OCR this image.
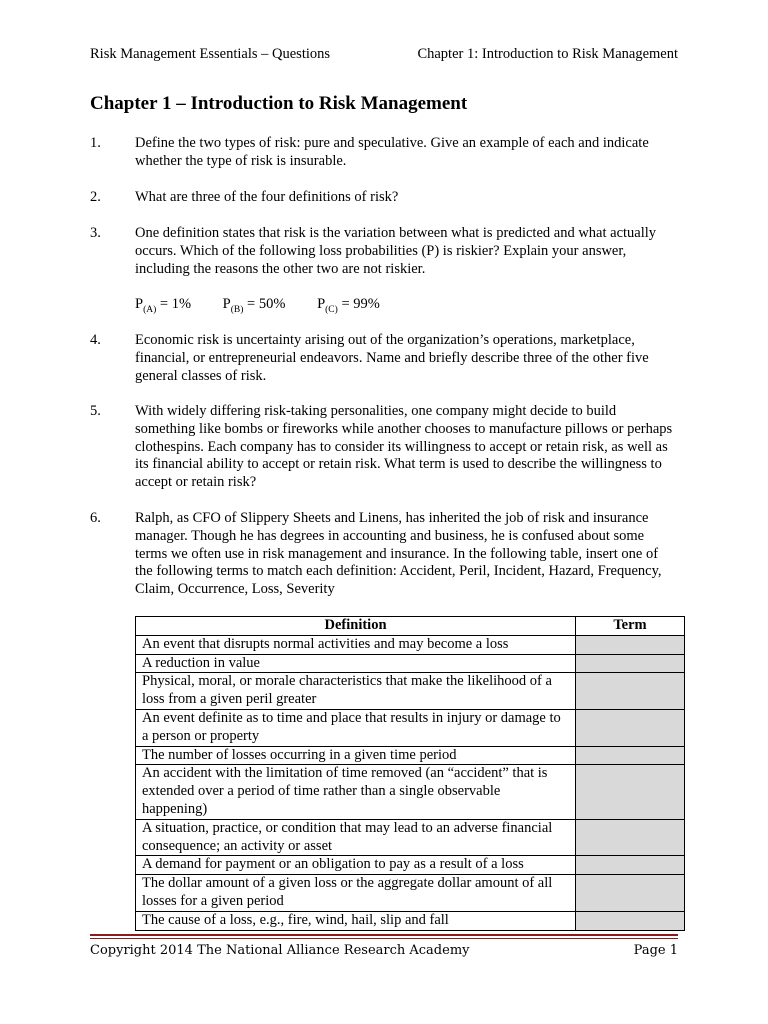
Risk Management Essentials – Questions	Chapter 1: Introduction to Risk Management
Chapter 1 – Introduction to Risk Management
1. Define the two types of risk: pure and speculative. Give an example of each and indicate whether the type of risk is insurable.
2. What are three of the four definitions of risk?
3. One definition states that risk is the variation between what is predicted and what actually occurs. Which of the following loss probabilities (P) is riskier? Explain your answer, including the reasons the other two are not riskier.
$P_{(A)} = 1\%$ $P_{(B)} = 50\%$ $P_{(C)} = 99\%$
4. Economic risk is uncertainty arising out of the organization’s operations, marketplace, financial, or entrepreneurial endeavors. Name and briefly describe three of the other five general classes of risk.
5. With widely differing risk-taking personalities, one company might decide to build something like bombs or fireworks while another chooses to manufacture pillows or perhaps clothespins. Each company has to consider its willingness to accept or retain risk, as well as its financial ability to accept or retain risk. What term is used to describe the willingness to accept or retain risk?
6. Ralph, as CFO of Slippery Sheets and Linens, has inherited the job of risk and insurance manager. Though he has degrees in accounting and business, he is confused about some terms we often use in risk management and insurance. In the following table, insert one of the following terms to match each definition: Accident, Peril, Incident, Hazard, Frequency, Claim, Occurrence, Loss, Severity
Definition	Term
An event that disrupts normal activities and may become a loss	
A reduction in value	
Physical, moral, or morale characteristics that make the likelihood of a loss from a given peril greater	
An event definite as to time and place that results in injury or damage to a person or property	
The number of losses occurring in a given time period	
An accident with the limitation of time removed (an “accident” that is extended over a period of time rather than a single observable happening)	
A situation, practice, or condition that may lead to an adverse financial consequence; an activity or asset	
A demand for payment or an obligation to pay as a result of a loss	
The dollar amount of a given loss or the aggregate dollar amount of all losses for a given period	
The cause of a loss, e.g., fire, wind, hail, slip and fall	
Copyright 2014 The National Alliance Research Academy	Page 1
